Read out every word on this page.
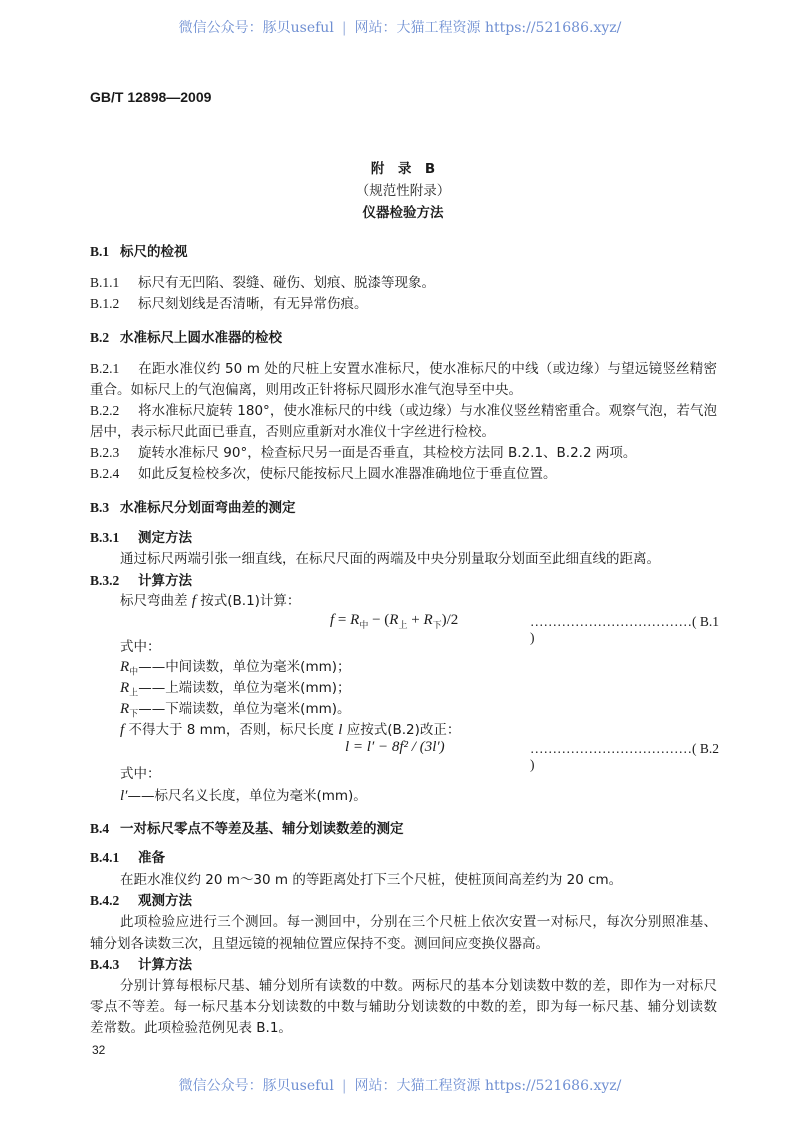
微信公众号：豚贝useful | 网站：大猫工程资源 https://521686.xyz/
GB/T 12898—2009
附　录　B
（规范性附录）
仪器检验方法
B.1 标尺的检视
B.1.1 标尺有无凹陷、裂缝、碰伤、划痕、脱漆等现象。
B.1.2 标尺刻划线是否清晰，有无异常伤痕。
B.2 水准标尺上圆水准器的检校
B.2.1 在距水准仪约 50 m 处的尺桩上安置水准标尺，使水准标尺的中线（或边缘）与望远镜竖丝精密
重合。如标尺上的气泡偏离，则用改正针将标尺圆形水准气泡导至中央。
B.2.2 将水准标尺旋转 180°，使水准标尺的中线（或边缘）与水准仪竖丝精密重合。观察气泡，若气泡
居中，表示标尺此面已垂直，否则应重新对水准仪十字丝进行检校。
B.2.3 旋转水准标尺 90°，检查标尺另一面是否垂直，其检校方法同 B.2.1、B.2.2 两项。
B.2.4 如此反复检校多次，使标尺能按标尺上圆水准器准确地位于垂直位置。
B.3 水准标尺分划面弯曲差的测定
B.3.1 测定方法
通过标尺两端引张一细直线，在标尺尺面的两端及中央分别量取分划面至此细直线的距离。
B.3.2 计算方法
标尺弯曲差 f 按式(B.1)计算：
$f = R_中 - (R_上 + R_下)/2$	………………………………( B.1 )
式中：
$R_中——$中间读数，单位为毫米(mm)；
$R_上——$上端读数，单位为毫米(mm)；
$R_下——$下端读数，单位为毫米(mm)。
f 不得大于 8 mm，否则，标尺长度 l 应按式(B.2)改正：
l = l′ − 8f² / (3l′)	………………………………( B.2 )
式中：
l′——标尺名义长度，单位为毫米(mm)。
B.4 一对标尺零点不等差及基、辅分划读数差的测定
B.4.1 准备
在距水准仪约 20 m～30 m 的等距离处打下三个尺桩，使桩顶间高差约为 20 cm。
B.4.2 观测方法
此项检验应进行三个测回。每一测回中，分别在三个尺桩上依次安置一对标尺，每次分别照准基、
辅分划各读数三次，且望远镜的视轴位置应保持不变。测回间应变换仪器高。
B.4.3 计算方法
分别计算每根标尺基、辅分划所有读数的中数。两标尺的基本分划读数中数的差，即作为一对标尺
零点不等差。每一标尺基本分划读数的中数与辅助分划读数的中数的差，即为每一标尺基、辅分划读数
差常数。此项检验范例见表 B.1。
32
微信公众号：豚贝useful | 网站：大猫工程资源 https://521686.xyz/
